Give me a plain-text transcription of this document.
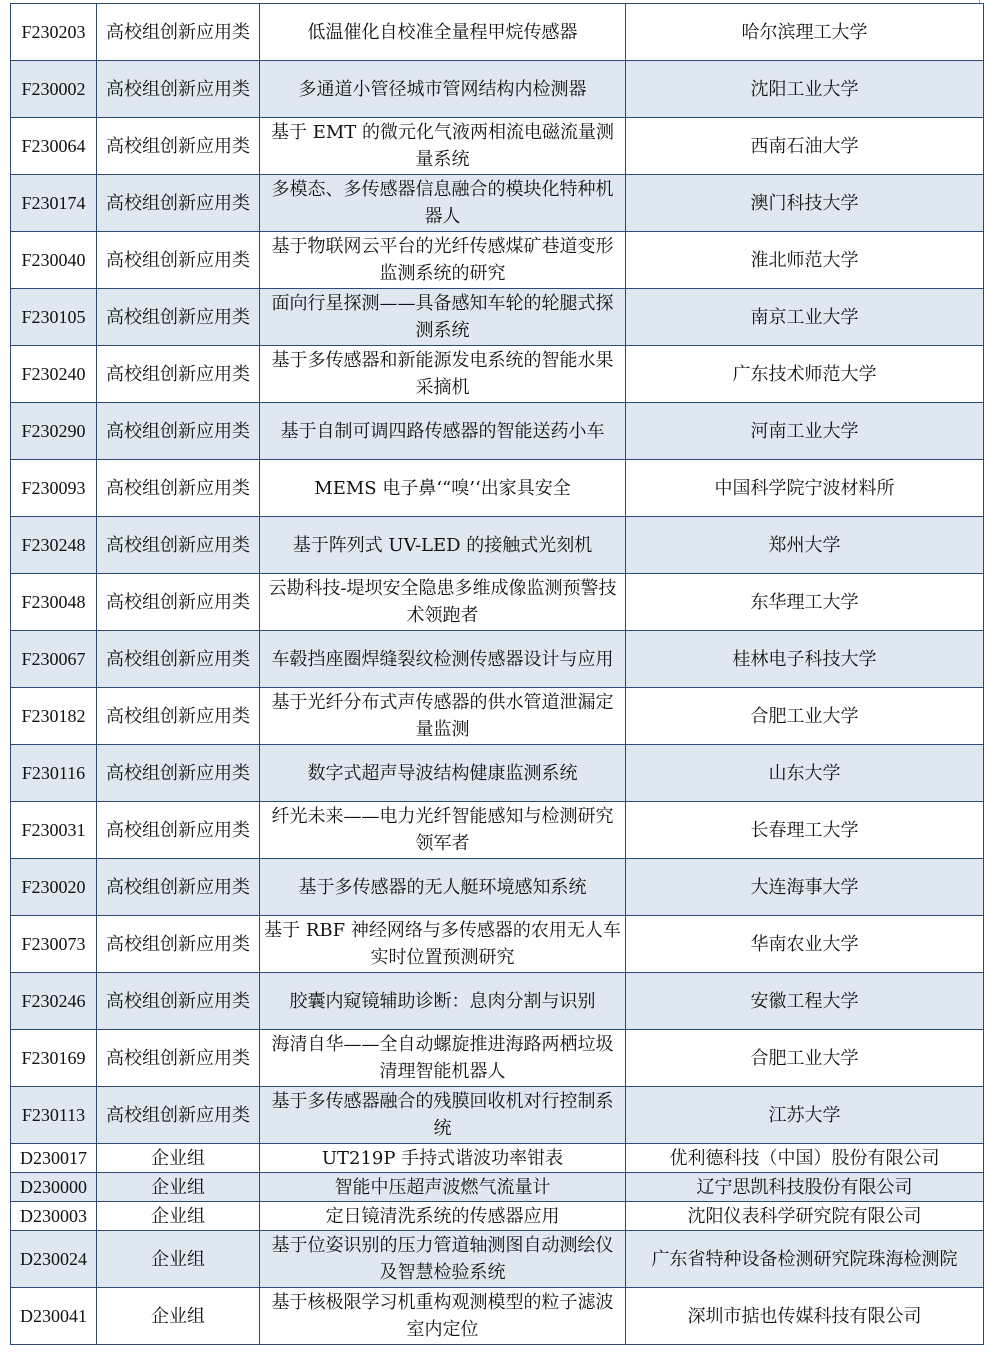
F230203	高校组创新应用类	低温催化自校准全量程甲烷传感器	哈尔滨理工大学
F230002	高校组创新应用类	多通道小管径城市管网结构内检测器	沈阳工业大学
F230064	高校组创新应用类	基于 EMT 的微元化气液两相流电磁流量测量系统	西南石油大学
F230174	高校组创新应用类	多模态、多传感器信息融合的模块化特种机器人	澳门科技大学
F230040	高校组创新应用类	基于物联网云平台的光纤传感煤矿巷道变形监测系统的研究	淮北师范大学
F230105	高校组创新应用类	面向行星探测——具备感知车轮的轮腿式探测系统	南京工业大学
F230240	高校组创新应用类	基于多传感器和新能源发电系统的智能水果采摘机	广东技术师范大学
F230290	高校组创新应用类	基于自制可调四路传感器的智能送药小车	河南工业大学
F230093	高校组创新应用类	MEMS 电子鼻‘“嗅’‘出家具安全	中国科学院宁波材料所
F230248	高校组创新应用类	基于阵列式 UV-LED 的接触式光刻机	郑州大学
F230048	高校组创新应用类	云勘科技-堤坝安全隐患多维成像监测预警技术领跑者	东华理工大学
F230067	高校组创新应用类	车毂挡座圈焊缝裂纹检测传感器设计与应用	桂林电子科技大学
F230182	高校组创新应用类	基于光纤分布式声传感器的供水管道泄漏定量监测	合肥工业大学
F230116	高校组创新应用类	数字式超声导波结构健康监测系统	山东大学
F230031	高校组创新应用类	纤光未来——电力光纤智能感知与检测研究领军者	长春理工大学
F230020	高校组创新应用类	基于多传感器的无人艇环境感知系统	大连海事大学
F230073	高校组创新应用类	基于 RBF 神经网络与多传感器的农用无人车实时位置预测研究	华南农业大学
F230246	高校组创新应用类	胶囊内窥镜辅助诊断：息肉分割与识别	安徽工程大学
F230169	高校组创新应用类	海清自华——全自动螺旋推进海路两栖垃圾清理智能机器人	合肥工业大学
F230113	高校组创新应用类	基于多传感器融合的残膜回收机对行控制系统	江苏大学
D230017	企业组	UT219P 手持式谐波功率钳表	优利德科技（中国）股份有限公司
D230000	企业组	智能中压超声波燃气流量计	辽宁思凯科技股份有限公司
D230003	企业组	定日镜清洗系统的传感器应用	沈阳仪表科学研究院有限公司
D230024	企业组	基于位姿识别的压力管道轴测图自动测绘仪及智慧检验系统	广东省特种设备检测研究院珠海检测院
D230041	企业组	基于核极限学习机重构观测模型的粒子滤波室内定位	深圳市掂也传媒科技有限公司
